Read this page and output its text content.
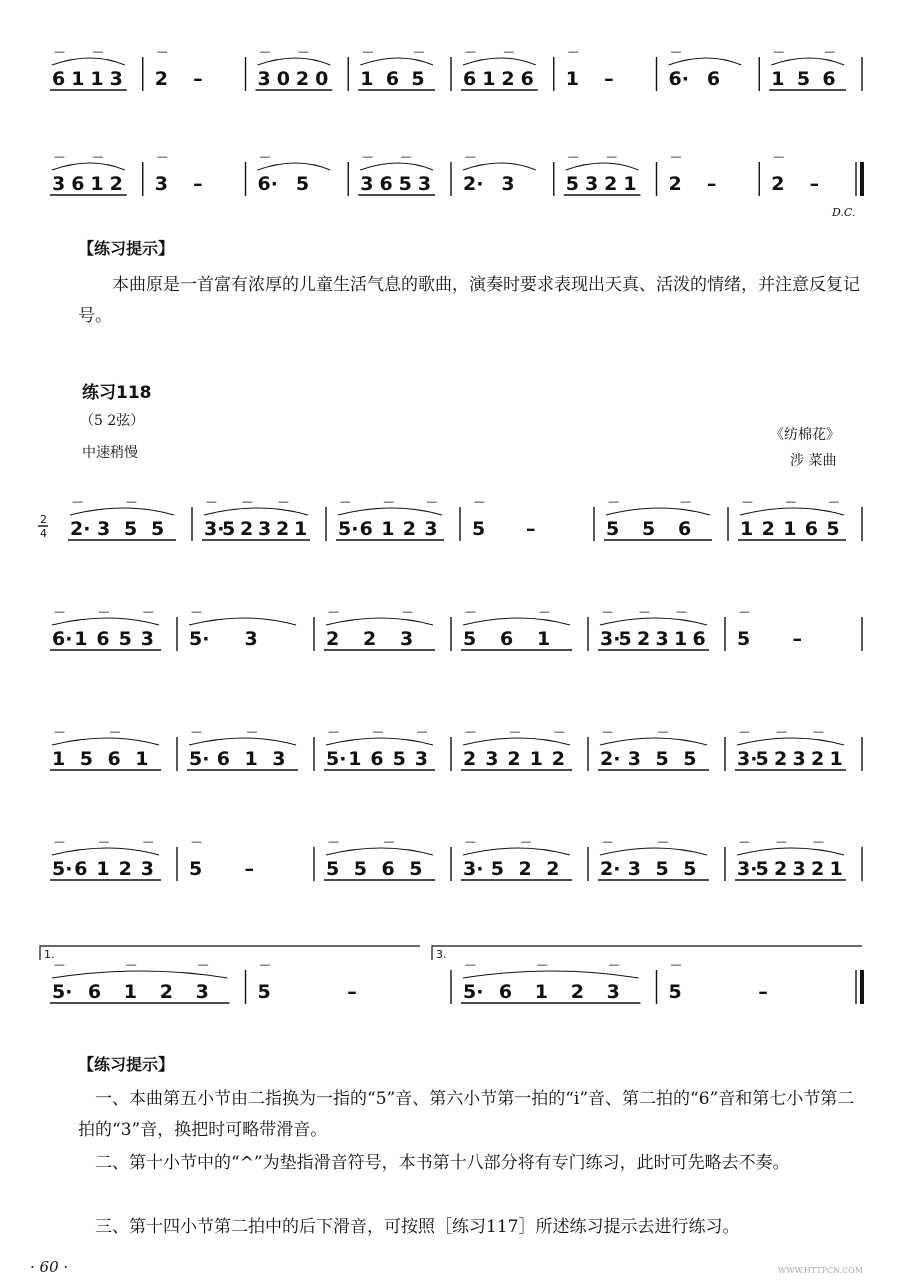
6
—
1 1
—
3 2
—
–	3
—
0 2
—
0 1
—
6 5
—
6
—
1 2
—
6 1
—
–	6·
—
6	1
—
5 6
—
3
—
6 1
—
2 3
—
–	6·
—
5	3
—
6 5
—
3 2·
—
3	5
—
3 2
—
1 2
—
–	2
—
–
D.C.
【练习提示】
本曲原是一首富有浓厚的儿童生活气息的歌曲，演奏时要求表现出天真、活泼的情绪，并注意反复记号。
练习118
（5 2弦）
中速稍慢
《纺棉花》
涉 菜曲
2·
—
3 5
—
5 3·
—
5 2
—
3 2
—
1 5·
—
6 1
—
2 3
—
5
—
–	5
—
5 6
—
1
—
2 1
—
6 5
—
2
4
6·
—
1 6
—
5 3
—
5·
—
3	2
—
2 3
—
5
—
6 1
—
3·
—
5 2
—
3 1
—
6 5
—
–
1
—
5 6
—
1 5·
—
6 1
—
3 5·
—
1 6
—
5 3
—
2
—
3 2
—
1 2
—
2·
—
3 5
—
5 3·
—
5 2
—
3 2
—
1
5·
—
6 1
—
2 3
—
5
—
–	5
—
5 6
—
5 3·
—
5 2
—
2 2·
—
3 5
—
5 3·
—
5 2
—
3 2
—
1
5·
—
6 1
—
2 3
—
5
—
–	5·
—
6 1
—
2 3
—
5
—
–
1.	3.
【练习提示】
一、本曲第五小节由二指换为一指的“5”音、第六小节第一拍的“i”音、第二拍的“6”音和第七小节第二拍的“3”音，换把时可略带滑音。
二、第十小节中的“^”为垫指滑音符号，本书第十八部分将有专门练习，此时可先略去不奏。
三、第十四小节第二拍中的后下滑音，可按照［练习117］所述练习提示去进行练习。
· 60 ·	WWW.HTTPCN.COM
